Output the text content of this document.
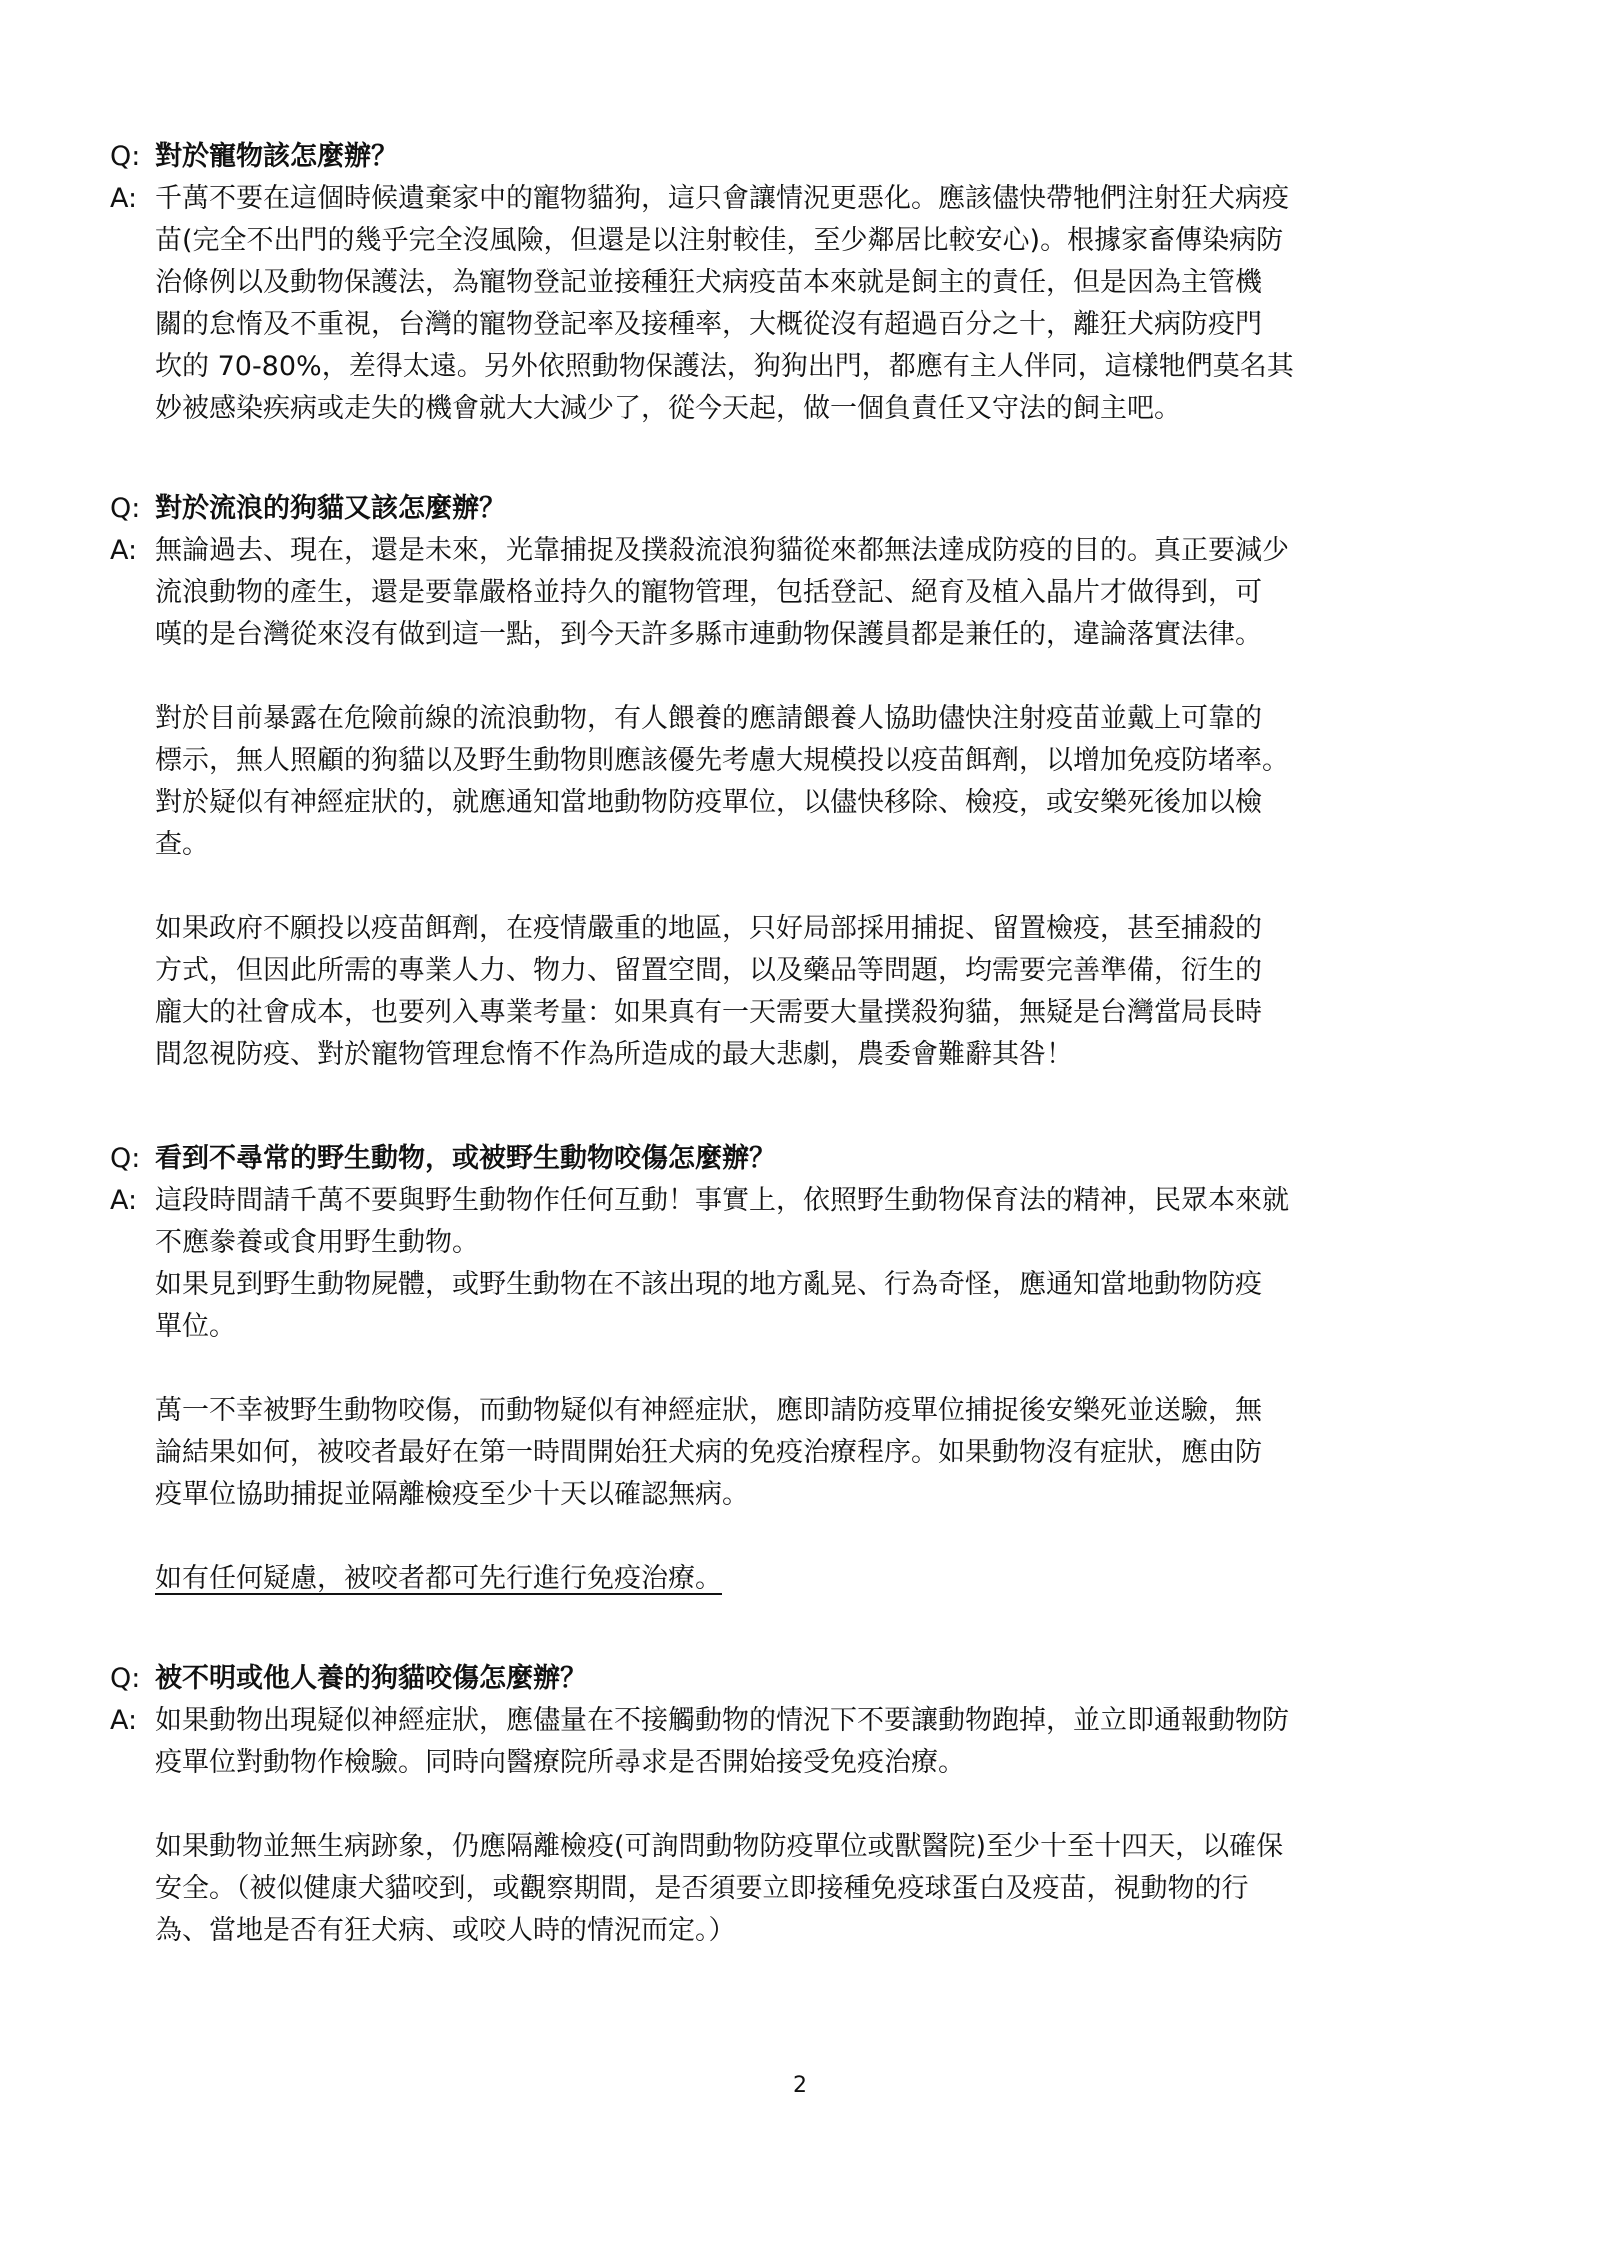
Q: 對於寵物該怎麼辦？
A: 千萬不要在這個時候遺棄家中的寵物貓狗，這只會讓情況更惡化。應該儘快帶牠們注射狂犬病疫
苗(完全不出門的幾乎完全沒風險，但還是以注射較佳，至少鄰居比較安心)。根據家畜傳染病防
治條例以及動物保護法，為寵物登記並接種狂犬病疫苗本來就是飼主的責任，但是因為主管機
關的怠惰及不重視，台灣的寵物登記率及接種率，大概從沒有超過百分之十，離狂犬病防疫門
坎的 70-80%，差得太遠。另外依照動物保護法，狗狗出門，都應有主人伴同，這樣牠們莫名其
妙被感染疾病或走失的機會就大大減少了，從今天起，做一個負責任又守法的飼主吧。
Q: 對於流浪的狗貓又該怎麼辦？
A: 無論過去、現在，還是未來，光靠捕捉及撲殺流浪狗貓從來都無法達成防疫的目的。真正要減少
流浪動物的產生，還是要靠嚴格並持久的寵物管理，包括登記、絕育及植入晶片才做得到，可
嘆的是台灣從來沒有做到這一點，到今天許多縣市連動物保護員都是兼任的，違論落實法律。
對於目前暴露在危險前線的流浪動物，有人餵養的應請餵養人協助儘快注射疫苗並戴上可靠的
標示，無人照顧的狗貓以及野生動物則應該優先考慮大規模投以疫苗餌劑，以增加免疫防堵率。
對於疑似有神經症狀的，就應通知當地動物防疫單位，以儘快移除、檢疫，或安樂死後加以檢
查。
如果政府不願投以疫苗餌劑，在疫情嚴重的地區，只好局部採用捕捉、留置檢疫，甚至捕殺的
方式，但因此所需的專業人力、物力、留置空間，以及藥品等問題，均需要完善準備，衍生的
龐大的社會成本，也要列入專業考量：如果真有一天需要大量撲殺狗貓，無疑是台灣當局長時
間忽視防疫、對於寵物管理怠惰不作為所造成的最大悲劇，農委會難辭其咎！
Q: 看到不尋常的野生動物，或被野生動物咬傷怎麼辦？
A: 這段時間請千萬不要與野生動物作任何互動！事實上，依照野生動物保育法的精神，民眾本來就
不應豢養或食用野生動物。
如果見到野生動物屍體，或野生動物在不該出現的地方亂晃、行為奇怪，應通知當地動物防疫
單位。
萬一不幸被野生動物咬傷，而動物疑似有神經症狀，應即請防疫單位捕捉後安樂死並送驗，無
論結果如何，被咬者最好在第一時間開始狂犬病的免疫治療程序。如果動物沒有症狀，應由防
疫單位協助捕捉並隔離檢疫至少十天以確認無病。
如有任何疑慮，被咬者都可先行進行免疫治療。
Q: 被不明或他人養的狗貓咬傷怎麼辦？
A: 如果動物出現疑似神經症狀，應儘量在不接觸動物的情況下不要讓動物跑掉，並立即通報動物防
疫單位對動物作檢驗。同時向醫療院所尋求是否開始接受免疫治療。
如果動物並無生病跡象，仍應隔離檢疫(可詢問動物防疫單位或獸醫院)至少十至十四天，以確保
安全。（被似健康犬貓咬到，或觀察期間，是否須要立即接種免疫球蛋白及疫苗，視動物的行
為、當地是否有狂犬病、或咬人時的情況而定。）
2
